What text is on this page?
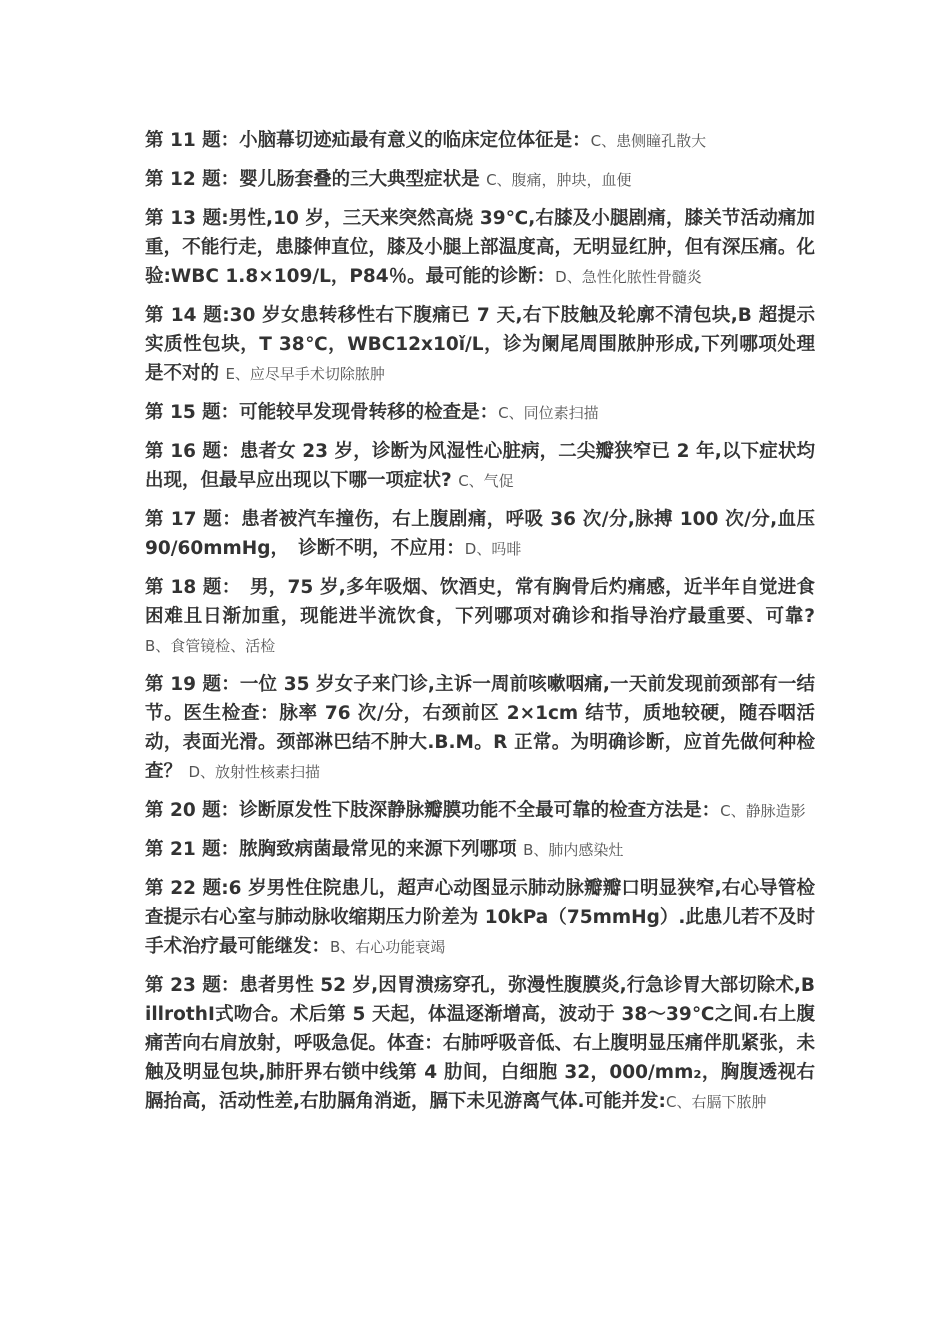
第 11 题：小脑幕切迹疝最有意义的临床定位体征是：C、患侧瞳孔散大

第 12 题：婴儿肠套叠的三大典型症状是 C、腹痛，肿块，血便

第 13 题:男性,10 岁，三天来突然高烧 39℃,右膝及小腿剧痛，膝关节活动痛加重，不能行走，患膝伸直位，膝及小腿上部温度高，无明显红肿，但有深压痛。化验:WBC 1.8×109/L，P84％。最可能的诊断：D、急性化脓性骨髓炎

第 14 题:30 岁女患转移性右下腹痛已 7 天,右下肢触及轮廓不清包块,B 超提示实质性包块，T 38℃，WBC12x10ǐ/L，诊为阑尾周围脓肿形成,下列哪项处理是不对的 E、应尽早手术切除脓肿

第 15 题：可能较早发现骨转移的检查是：C、同位素扫描

第 16 题：患者女 23 岁，诊断为风湿性心脏病，二尖瓣狭窄已 2 年,以下症状均出现，但最早应出现以下哪一项症状? C、气促

第 17 题：患者被汽车撞伤，右上腹剧痛，呼吸 36 次/分,脉搏 100 次/分,血压 90/60mmHg，　诊断不明，不应用：D、吗啡

第 18 题：　男，75 岁,多年吸烟、饮酒史，常有胸骨后灼痛感，近半年自觉进食困难且日渐加重，现能进半流饮食，下列哪项对确诊和指导治疗最重要、可靠? B、食管镜检、活检

第 19 题：一位 35 岁女子来门诊,主诉一周前咳嗽咽痛,一天前发现前颈部有一结节。医生检查：脉率 76 次/分，右颈前区 2×1cm 结节，质地较硬，随吞咽活动，表面光滑。颈部淋巴结不肿大.B.M。R 正常。为明确诊断，应首先做何种检查？ D、放射性核素扫描

第 20 题：诊断原发性下肢深静脉瓣膜功能不全最可靠的检查方法是：C、静脉造影

第 21 题：脓胸致病菌最常见的来源下列哪项 B、肺内感染灶

第 22 题:6 岁男性住院患儿，超声心动图显示肺动脉瓣瓣口明显狭窄,右心导管检查提示右心室与肺动脉收缩期压力阶差为 10kPa（75mmHg）.此患儿若不及时手术治疗最可能继发：B、右心功能衰竭

第 23 题：患者男性 52 岁,因胃溃疡穿孔，弥漫性腹膜炎,行急诊胃大部切除术,BillrothⅠ式吻合。术后第 5 天起，体温逐渐增高，波动于 38～39℃之间.右上腹痛苦向右肩放射，呼吸急促。体查：右肺呼吸音低、右上腹明显压痛伴肌紧张，未触及明显包块,肺肝界右锁中线第 4 肋间，白细胞 32，000/mm₂，胸腹透视右膈抬高，活动性差,右肋膈角消逝，膈下未见游离气体.可能并发:C、右膈下脓肿
